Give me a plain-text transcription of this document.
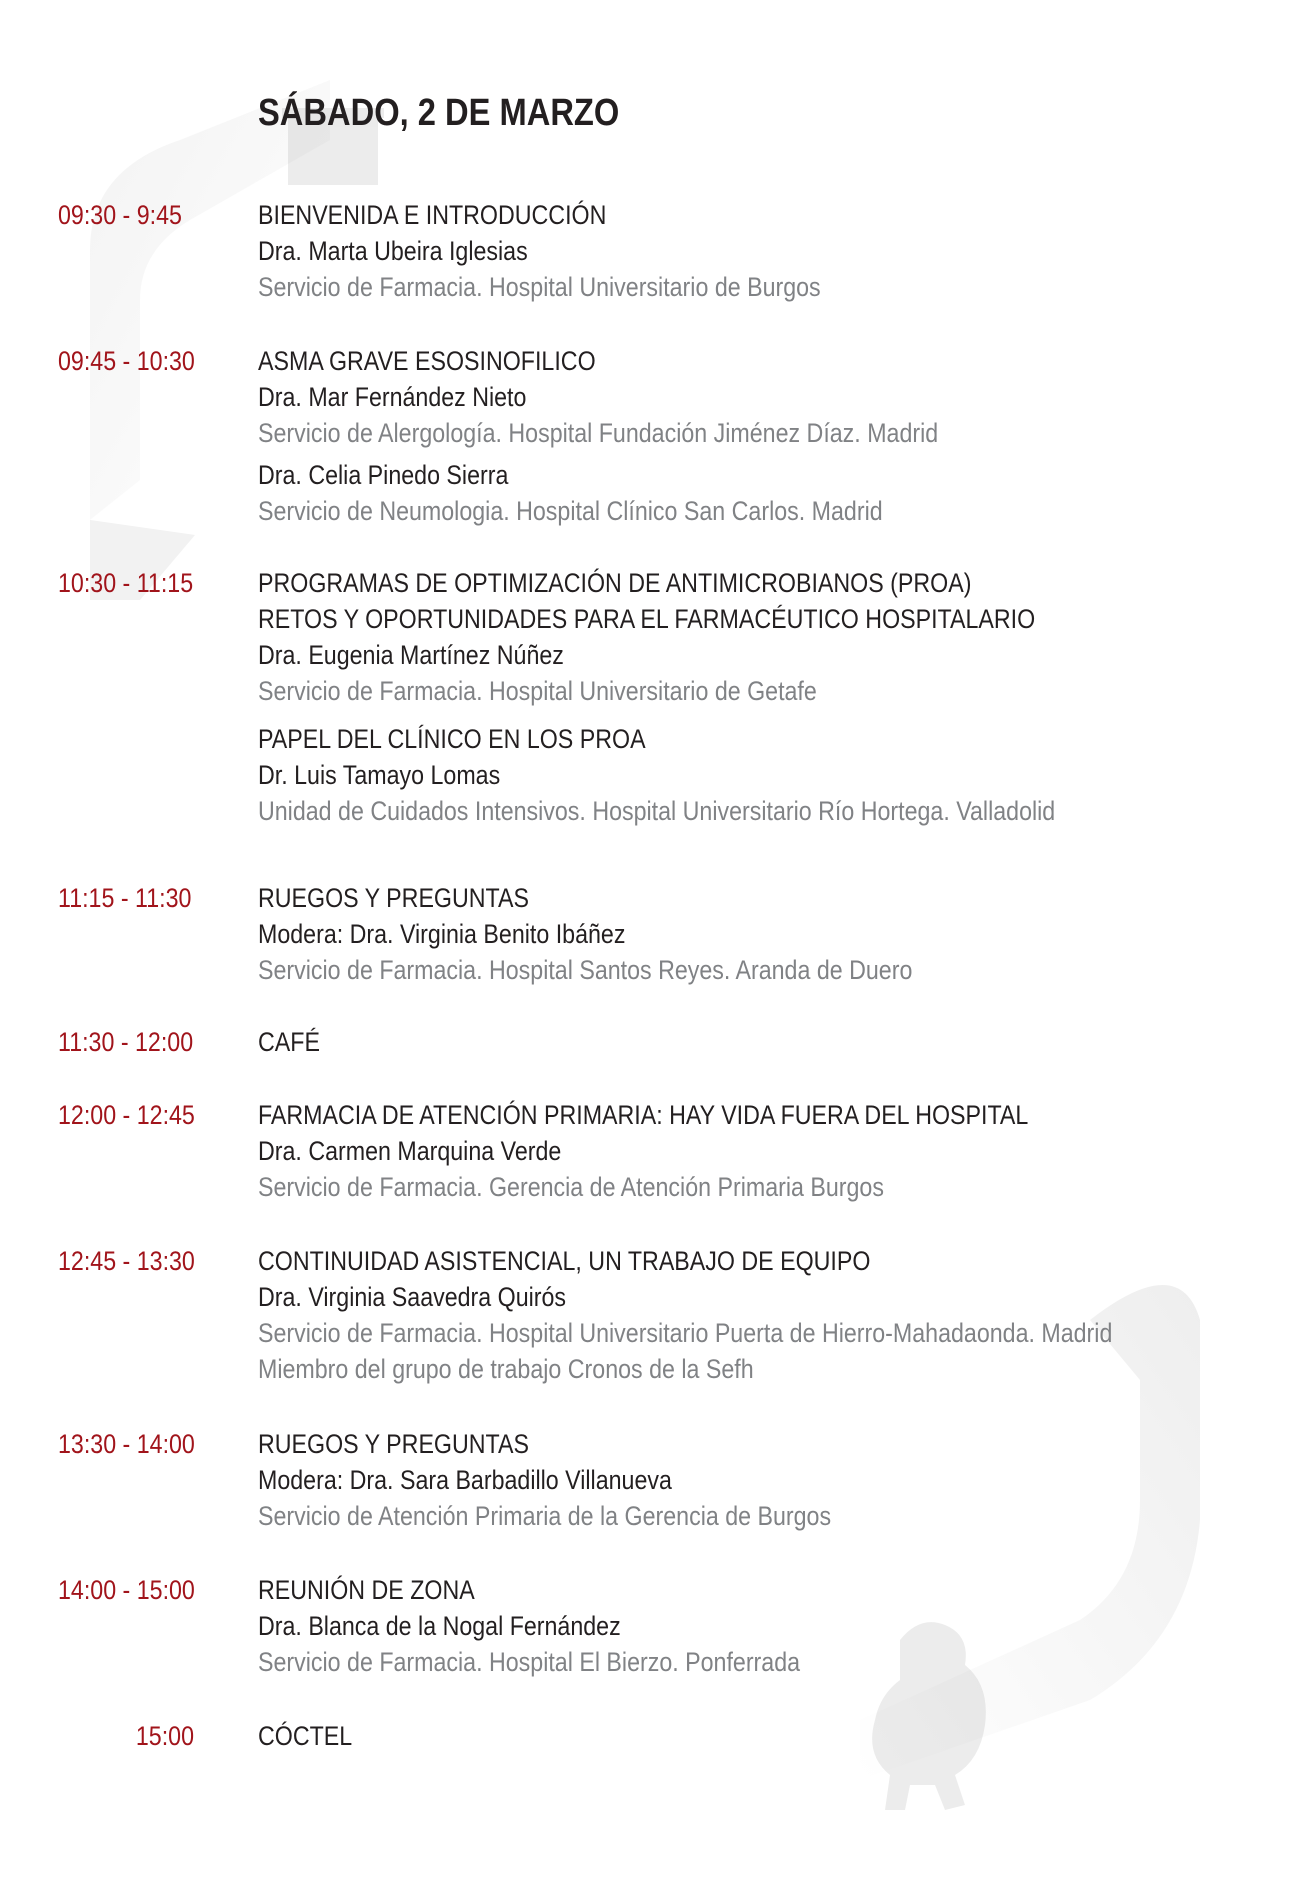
SÁBADO, 2 DE MARZO
09:30 - 9:45	BIENVENIDA E INTRODUCCIÓN
Dra. Marta Ubeira Iglesias
Servicio de Farmacia. Hospital Universitario de Burgos
09:45 - 10:30 ASMA GRAVE ESOSINOFILICO
Dra. Mar Fernández Nieto
Servicio de Alergología. Hospital Fundación Jiménez Díaz. Madrid
Dra. Celia Pinedo Sierra
Servicio de Neumologia. Hospital Clínico San Carlos. Madrid
10:30 - 11:15 PROGRAMAS DE OPTIMIZACIÓN DE ANTIMICROBIANOS (PROA)
RETOS Y OPORTUNIDADES PARA EL FARMACÉUTICO HOSPITALARIO
Dra. Eugenia Martínez Núñez
Servicio de Farmacia. Hospital Universitario de Getafe
PAPEL DEL CLÍNICO EN LOS PROA
Dr. Luis Tamayo Lomas
Unidad de Cuidados Intensivos. Hospital Universitario Río Hortega. Valladolid
11:15 - 11:30 RUEGOS Y PREGUNTAS
Modera: Dra. Virginia Benito Ibáñez
Servicio de Farmacia. Hospital Santos Reyes. Aranda de Duero
11:30 - 12:00 CAFÉ
12:00 - 12:45 FARMACIA DE ATENCIÓN PRIMARIA: HAY VIDA FUERA DEL HOSPITAL
Dra. Carmen Marquina Verde
Servicio de Farmacia. Gerencia de Atención Primaria Burgos
12:45 - 13:30 CONTINUIDAD ASISTENCIAL, UN TRABAJO DE EQUIPO
Dra. Virginia Saavedra Quirós
Servicio de Farmacia. Hospital Universitario Puerta de Hierro-Mahadaonda. Madrid
Miembro del grupo de trabajo Cronos de la Sefh
13:30 - 14:00 RUEGOS Y PREGUNTAS
Modera: Dra. Sara Barbadillo Villanueva
Servicio de Atención Primaria de la Gerencia de Burgos
14:00 - 15:00 REUNIÓN DE ZONA
Dra. Blanca de la Nogal Fernández
Servicio de Farmacia. Hospital El Bierzo. Ponferrada
15:00 CÓCTEL
